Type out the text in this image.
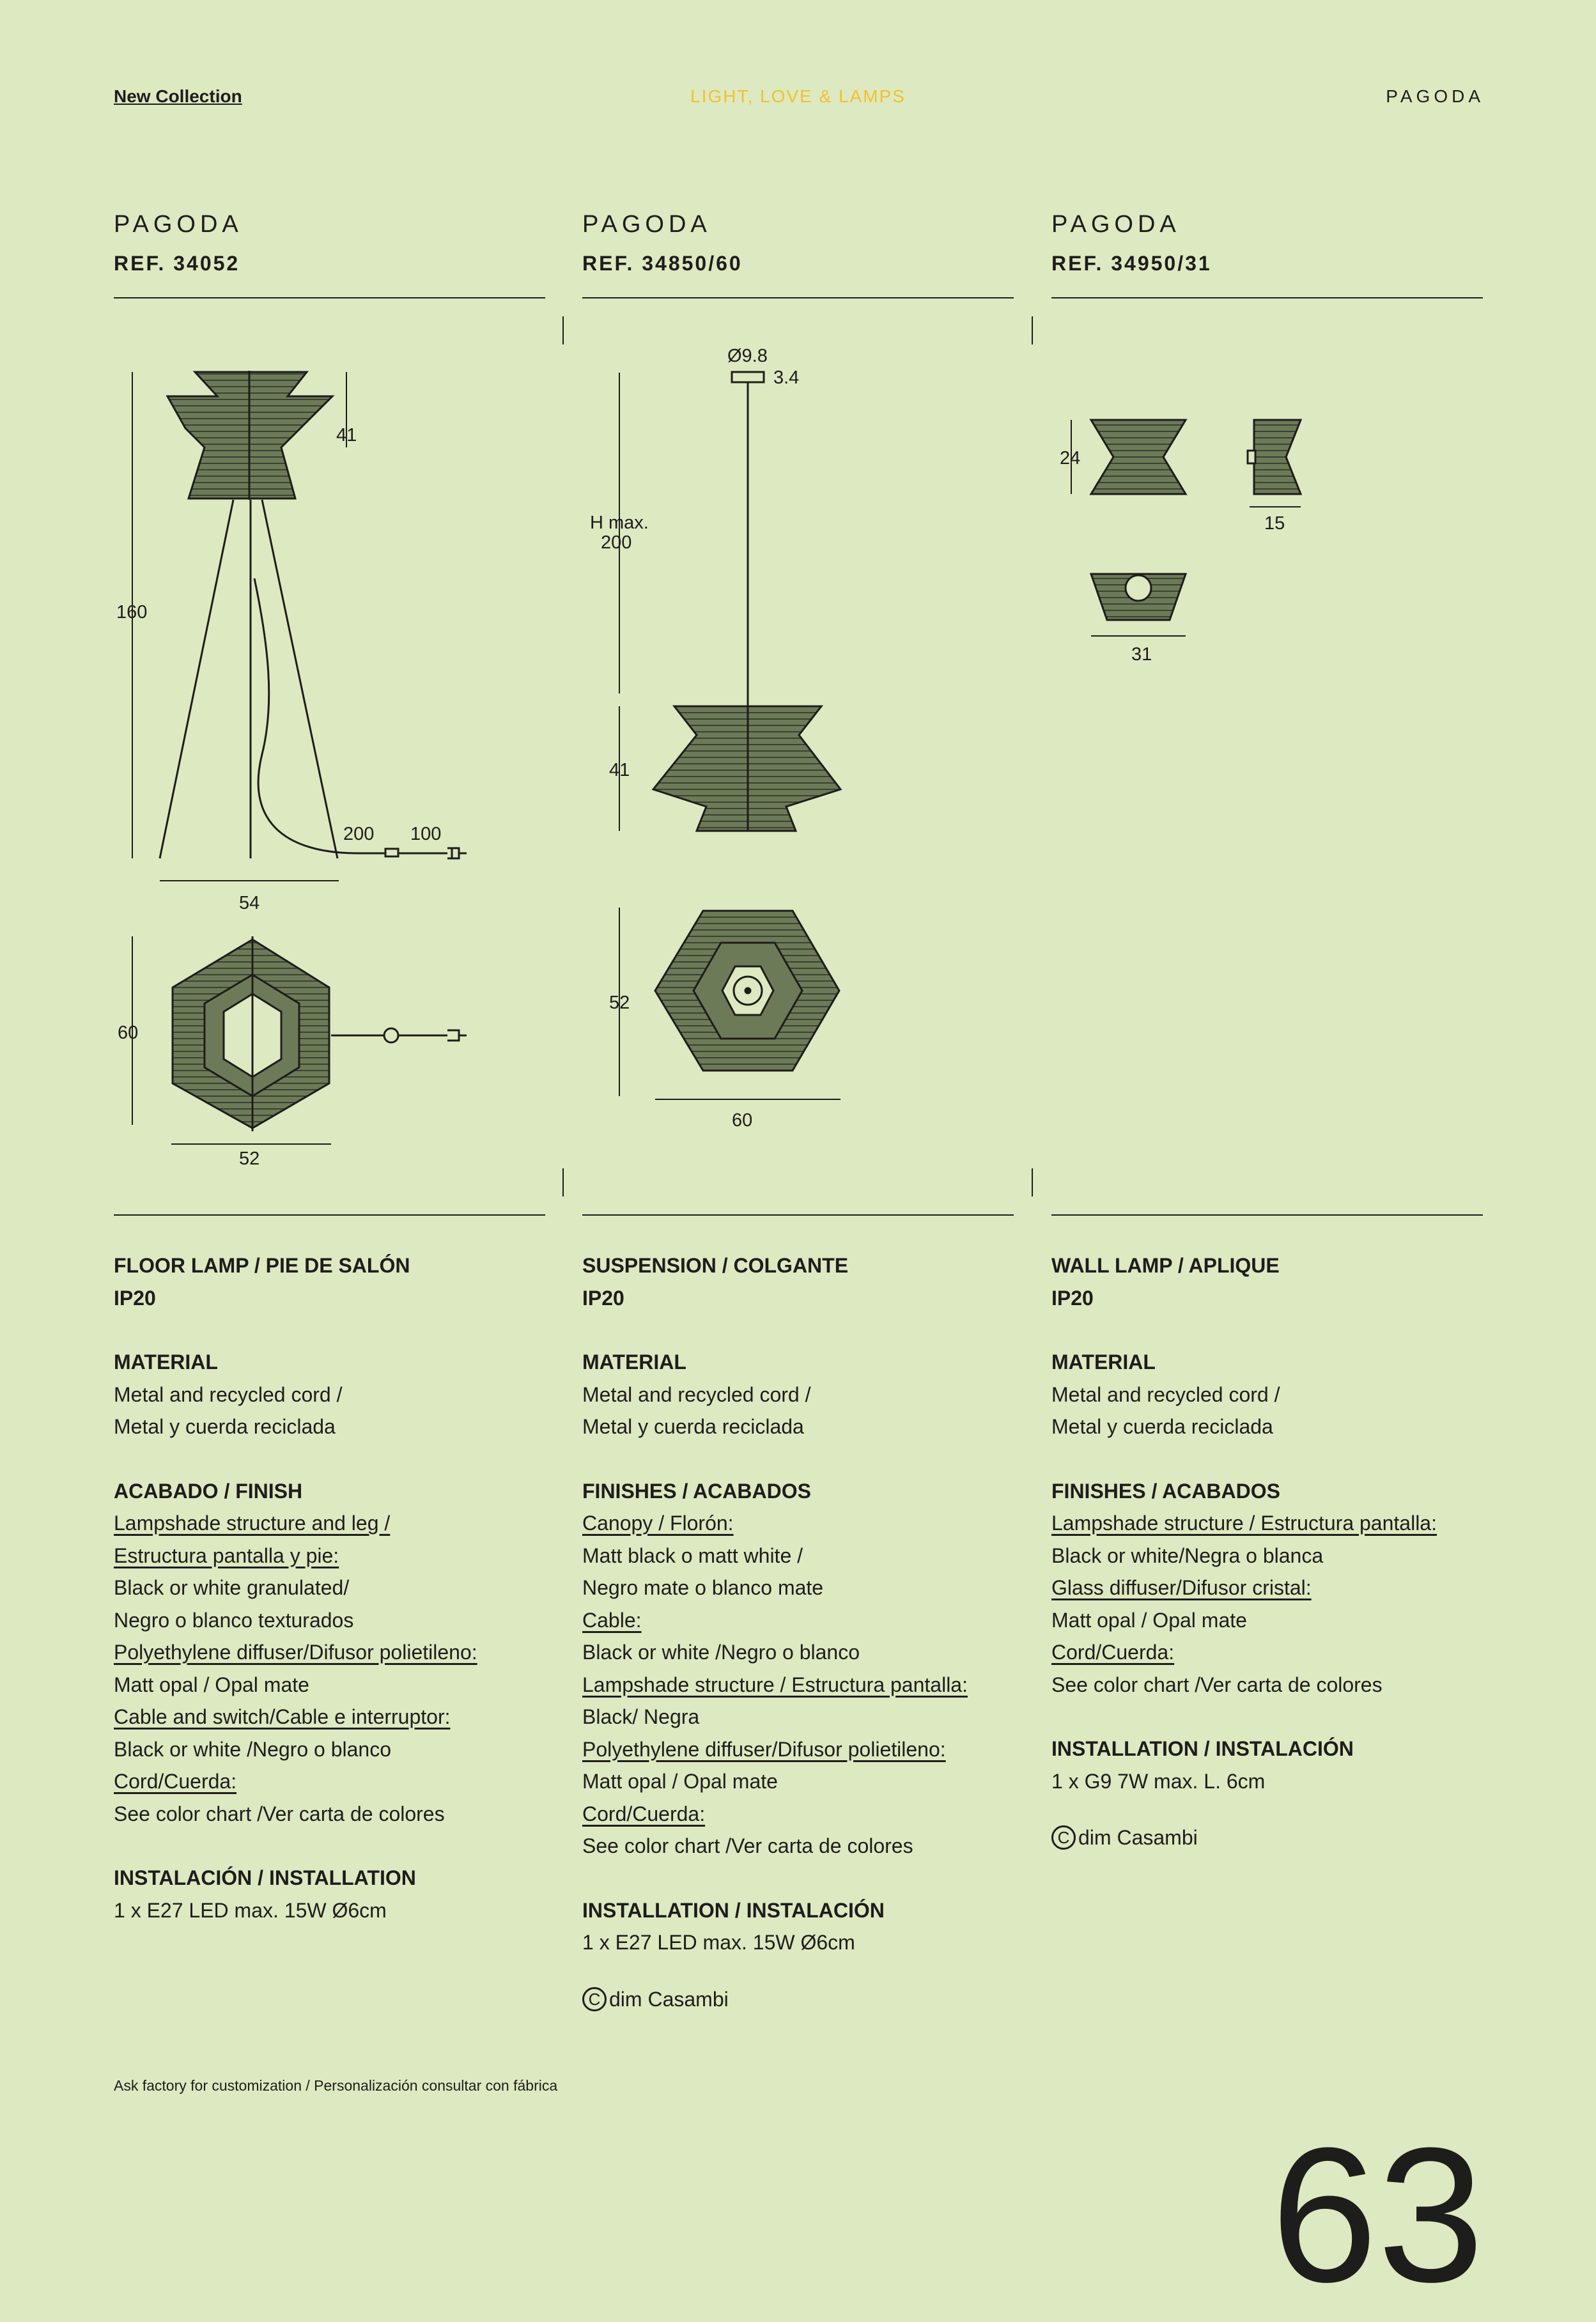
New Collection	LIGHT, LOVE & LAMPS	PAGODA
PAGODA
REF. 34052
PAGODA
REF. 34850/60
PAGODA
REF. 34950/31
160
41
200 100
54
60
52
Ø9.8
3.4
H max.
200
41
52
60
24
15
31
FLOOR LAMP / PIE DE SALÓN
IP20
MATERIAL
Metal and recycled cord /
Metal y cuerda reciclada
ACABADO / FINISH
Lampshade structure and leg /
Estructura pantalla y pie:
Black or white granulated/
Negro o blanco texturados
Polyethylene diffuser/Difusor polietileno:
Matt opal / Opal mate
Cable and switch/Cable e interruptor:
Black or white /Negro o blanco
Cord/Cuerda:
See color chart /Ver carta de colores
INSTALACIÓN / INSTALLATION
1 x E27 LED max. 15W Ø6cm
SUSPENSION / COLGANTE
IP20
MATERIAL
Metal and recycled cord /
Metal y cuerda reciclada
FINISHES / ACABADOS
Canopy / Florón:
Matt black o matt white /
Negro mate o blanco mate
Cable:
Black or white /Negro o blanco
Lampshade structure / Estructura pantalla:
Black/ Negra
Polyethylene diffuser/Difusor polietileno:
Matt opal / Opal mate
Cord/Cuerda:
See color chart /Ver carta de colores
INSTALLATION / INSTALACIÓN
1 x E27 LED max. 15W Ø6cm
C dim Casambi
WALL LAMP / APLIQUE
IP20
MATERIAL
Metal and recycled cord /
Metal y cuerda reciclada
FINISHES / ACABADOS
Lampshade structure / Estructura pantalla:
Black or white/Negra o blanca
Glass diffuser/Difusor cristal:
Matt opal / Opal mate
Cord/Cuerda:
See color chart /Ver carta de colores
INSTALLATION / INSTALACIÓN
1 x G9 7W max. L. 6cm
C dim Casambi
Ask factory for customization / Personalización consultar con fábrica
63
